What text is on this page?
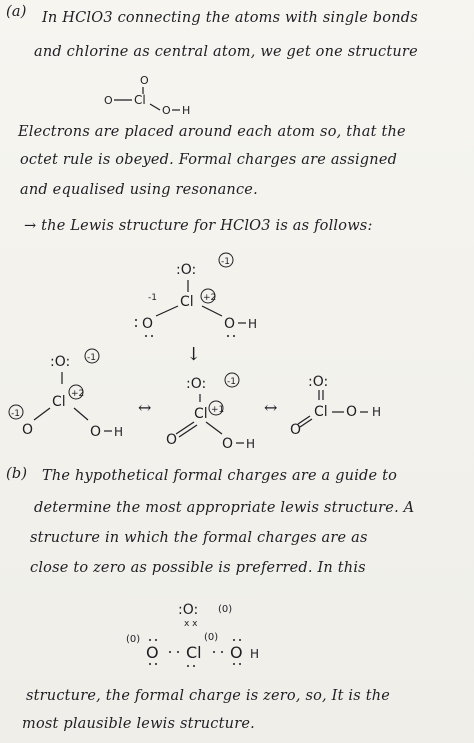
(a) In HClO3 connecting the atoms with single bonds
and chlorine as central atom, we get one structure
O
O Cl
O H
Electrons are placed around each atom so, that the
octet rule is obeyed. Formal charges are assigned
and equalised using resonance.
→ the Lewis structure for HClO3 is as follows:
:O:	-1
Cl +2
-1
O	O H
↓
:O: -1
Cl +2
-1
O	O H
↔
:O: -1
Cl +1
O	O H
↔
:O:
Cl
O
O H
(b) The hypothetical formal charges are a guide to
determine the most appropriate lewis structure. A
structure in which the formal charges are as
close to zero as possible is preferred. In this
:O: (0)
x x
(0)	(0)
O Cl O H
structure, the formal charge is zero, so, It is the
most plausible lewis structure.
